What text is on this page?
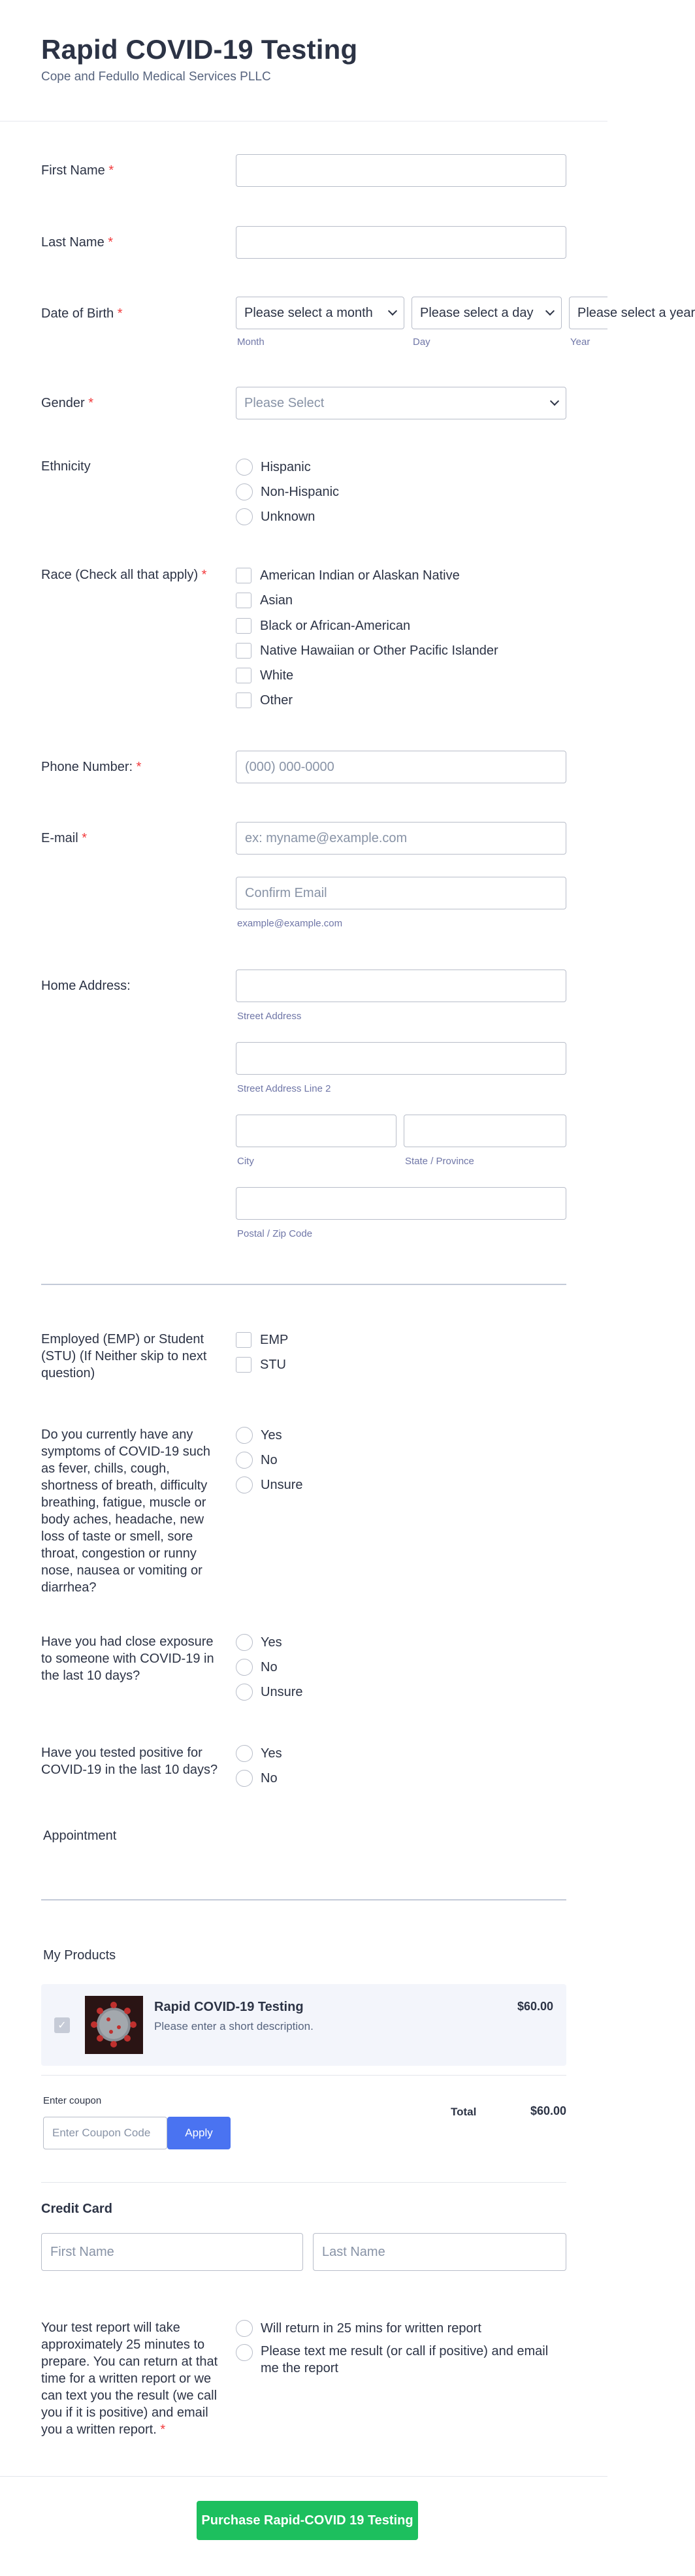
Rapid COVID-19 Testing
Cope and Fedullo Medical Services PLLC
First Name *
Last Name *
Date of Birth *	Please select a month	Please select a day	Please select a year
Month	Day	Year
Gender *	Please Select
Ethnicity	Hispanic
Non-Hispanic
Unknown
Race (Check all that apply) *	American Indian or Alaskan Native
Asian
Black or African-American
Native Hawaiian or Other Pacific Islander
White
Other
Phone Number: *	(000) 000-0000
E-mail *	ex: myname@example.com
Confirm Email
example@example.com
Home Address:
Street Address
Street Address Line 2
City	State / Province
Postal / Zip Code
Employed (EMP) or Student (STU) (If Neither skip to next question)
EMP
STU
Do you currently have any symptoms of COVID-19 such as fever, chills, cough, shortness of breath, difficulty breathing, fatigue, muscle or body aches, headache, new loss of taste or smell, sore throat, congestion or runny nose, nausea or vomiting or diarrhea?
Yes
No
Unsure
Have you had close exposure to someone with COVID-19 in the last 10 days?
Yes
No
Unsure
Have you tested positive for COVID-19 in the last 10 days?
Yes
No
Appointment
My Products
✓
Rapid COVID-19 Testing
Please enter a short description.
$60.00
Enter coupon
Enter Coupon Code	Apply
Total	$60.00
Credit Card
First Name	Last Name
Your test report will take approximately 25 minutes to prepare. You can return at that time for a written report or we can text you the result (we call you if it is positive) and email you a written report. *
Will return in 25 mins for written report
Please text me result (or call if positive) and email me the report
Purchase Rapid-COVID 19 Testing
